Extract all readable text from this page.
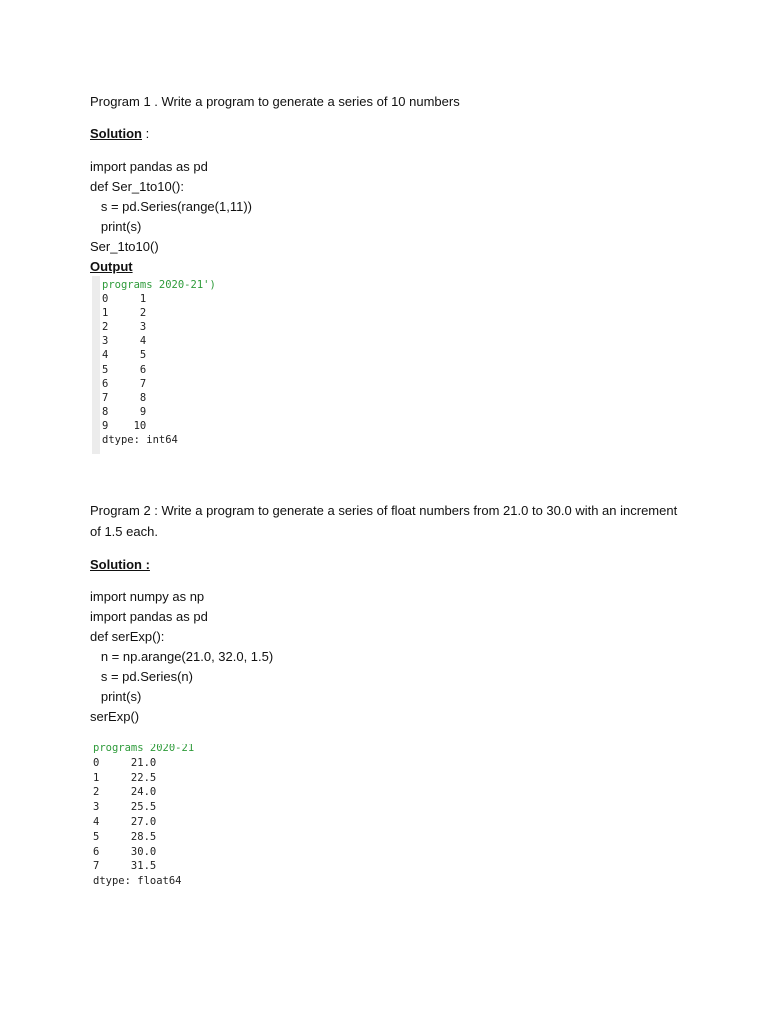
Program 1 . Write a program to generate a series of 10 numbers
Solution :
import pandas as pd
def Ser_1to10():
s = pd.Series(range(1,11))
print(s)
Ser_1to10()
Output
programs 2020-21')
0     1
1     2
2     3
3     4
4     5
5     6
6     7
7     8
8     9
9    10
dtype: int64
Program 2 : Write a program to generate a series of float numbers from 21.0 to 30.0 with an increment
of 1.5 each.
Solution :
import numpy as np
import pandas as pd
def serExp():
n = np.arange(21.0, 32.0, 1.5)
s = pd.Series(n)
print(s)
serExp()
programs 2020-21
0     21.0
1     22.5
2     24.0
3     25.5
4     27.0
5     28.5
6     30.0
7     31.5
dtype: float64
